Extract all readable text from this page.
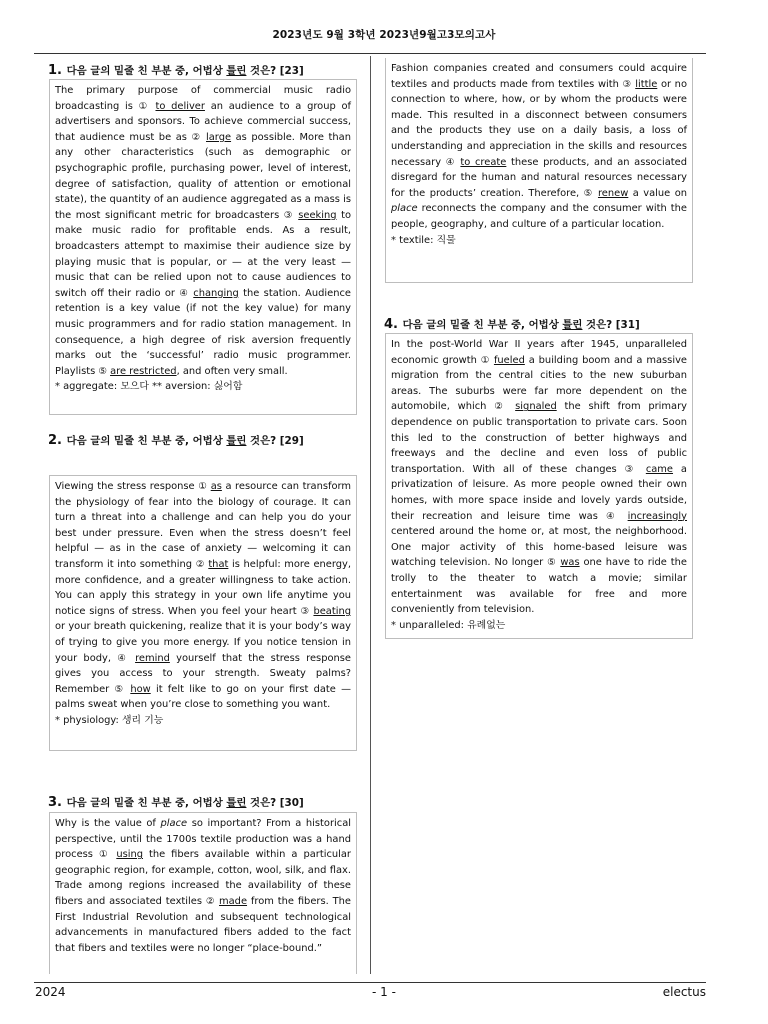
2023년도 9월 3학년 2023년9월고3모의고사
1. 다음 글의 밑줄 친 부분 중, 어법상 틀린 것은? [23]

The primary purpose of commercial music radio broadcasting is ① to deliver an audience to a group of advertisers and sponsors. To achieve commercial success, that audience must be as ② large as possible. More than any other characteristics (such as demographic or psychographic profile, purchasing power, level of interest, degree of satisfaction, quality of attention or emotional state), the quantity of an audience aggregated as a mass is the most significant metric for broadcasters ③ seeking to make music radio for profitable ends. As a result, broadcasters attempt to maximise their audience size by playing music that is popular, or — at the very least — music that can be relied upon not to cause audiences to switch off their radio or ④ changing the station. Audience retention is a key value (if not the key value) for many music programmers and for radio station management. In consequence, a high degree of risk aversion frequently marks out the ‘successful’ radio music programmer. Playlists ⑤ are restricted, and often very small.

* aggregate: 모으다 ** aversion: 싫어함

2. 다음 글의 밑줄 친 부분 중, 어법상 틀린 것은? [29]

Viewing the stress response ① as a resource can transform the physiology of fear into the biology of courage. It can turn a threat into a challenge and can help you do your best under pressure. Even when the stress doesn’t feel helpful — as in the case of anxiety — welcoming it can transform it into something ② that is helpful: more energy, more confidence, and a greater willingness to take action. You can apply this strategy in your own life anytime you notice signs of stress. When you feel your heart ③ beating or your breath quickening, realize that it is your body’s way of trying to give you more energy. If you notice tension in your body, ④ remind yourself that the stress response gives you access to your strength. Sweaty palms? Remember ⑤ how it felt like to go on your first date — palms sweat when you’re close to something you want.

* physiology: 생리 기능

3. 다음 글의 밑줄 친 부분 중, 어법상 틀린 것은? [30]

Why is the value of place so important? From a historical perspective, until the 1700s textile production was a hand process ① using the fibers available within a particular geographic region, for example, cotton, wool, silk, and flax. Trade among regions increased the availability of these fibers and associated textiles ② made from the fibers. The First Industrial Revolution and subsequent technological advancements in manufactured fibers added to the fact that fibers and textiles were no longer “place-bound.”

Fashion companies created and consumers could acquire textiles and products made from textiles with ③ little or no connection to where, how, or by whom the products were made. This resulted in a disconnect between consumers and the products they use on a daily basis, a loss of understanding and appreciation in the skills and resources necessary ④ to create these products, and an associated disregard for the human and natural resources necessary for the products’ creation. Therefore, ⑤ renew a value on place reconnects the company and the consumer with the people, geography, and culture of a particular location.

* textile: 직물

4. 다음 글의 밑줄 친 부분 중, 어법상 틀린 것은? [31]

In the post-World War II years after 1945, unparalleled economic growth ① fueled a building boom and a massive migration from the central cities to the new suburban areas. The suburbs were far more dependent on the automobile, which ② signaled the shift from primary dependence on public transportation to private cars. Soon this led to the construction of better highways and freeways and the decline and even loss of public transportation. With all of these changes ③ came a privatization of leisure. As more people owned their own homes, with more space inside and lovely yards outside, their recreation and leisure time was ④ increasingly centered around the home or, at most, the neighborhood. One major activity of this home-based leisure was watching television. No longer ⑤ was one have to ride the trolly to the theater to watch a movie; similar entertainment was available for free and more conveniently from television.

* unparalleled: 유례없는

2024	- 1 -	electus
